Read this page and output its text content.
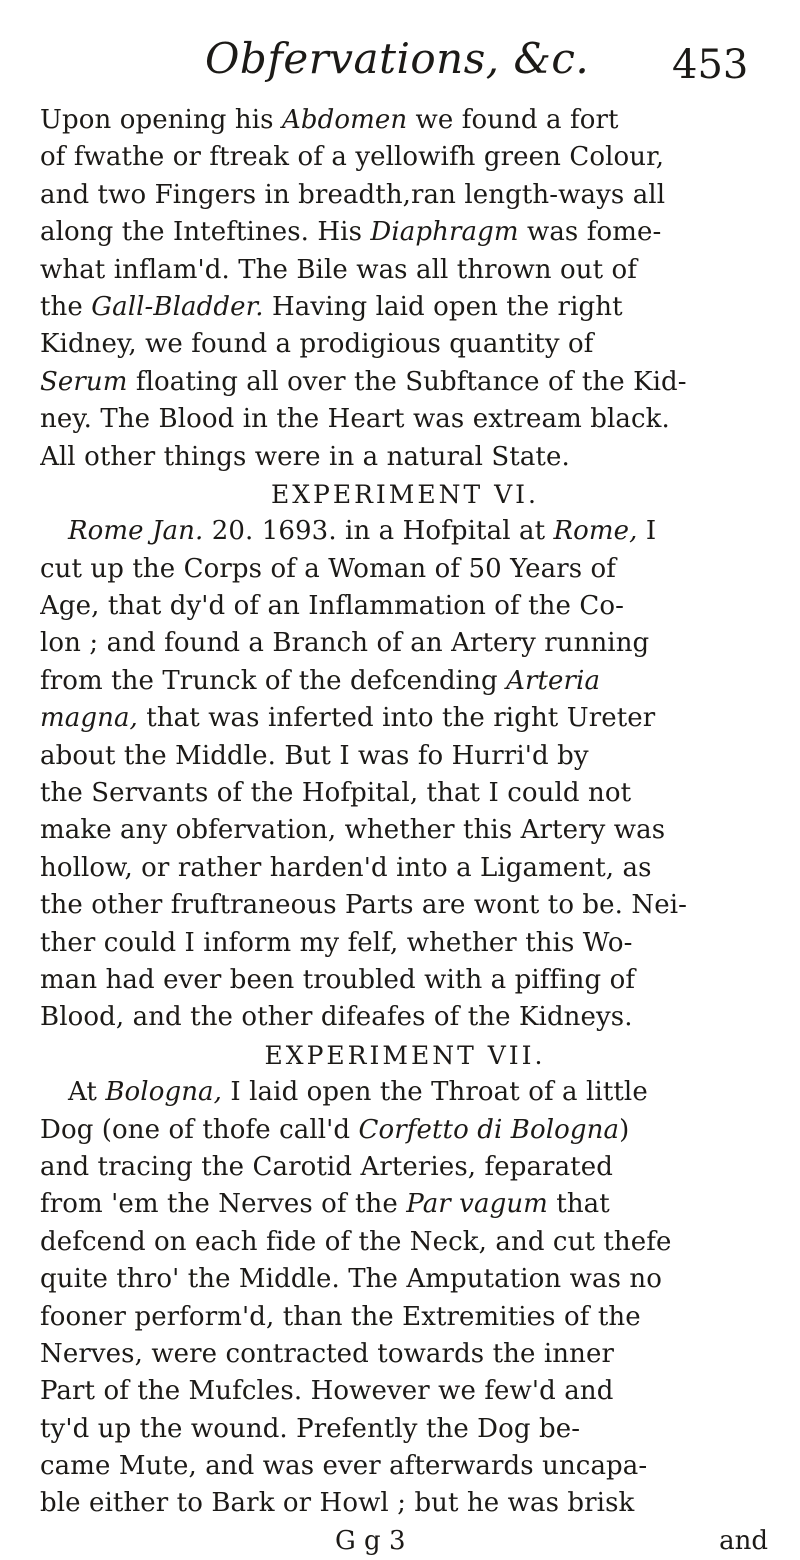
Obfervations, &c. 453
Upon opening his Abdomen we found a fort
of fwathe or ftreak of a yellowifh green Colour,
and two Fingers in breadth,ran length-ways all
along the Inteftines. His Diaphragm was fome-
what inflam'd. The Bile was all thrown out of
the Gall-Bladder. Having laid open the right
Kidney, we found a prodigious quantity of
Serum floating all over the Subftance of the Kid-
ney. The Blood in the Heart was extream black.
All other things were in a natural State.
EXPERIMENT VI.
Rome Jan. 20. 1693. in a Hofpital at Rome, I
cut up the Corps of a Woman of 50 Years of
Age, that dy'd of an Inflammation of the Co-
lon ; and found a Branch of an Artery running
from the Trunck of the defcending Arteria
magna, that was inferted into the right Ureter
about the Middle. But I was fo Hurri'd by
the Servants of the Hofpital, that I could not
make any obfervation, whether this Artery was
hollow, or rather harden'd into a Ligament, as
the other fruftraneous Parts are wont to be. Nei-
ther could I inform my felf, whether this Wo-
man had ever been troubled with a piffing of
Blood, and the other difeafes of the Kidneys.
EXPERIMENT VII.
At Bologna, I laid open the Throat of a little
Dog (one of thofe call'd Corfetto di Bologna)
and tracing the Carotid Arteries, feparated
from 'em the Nerves of the Par vagum that
defcend on each fide of the Neck, and cut thefe
quite thro' the Middle. The Amputation was no
fooner perform'd, than the Extremities of the
Nerves, were contracted towards the inner
Part of the Mufcles. However we few'd and
ty'd up the wound. Prefently the Dog be-
came Mute, and was ever afterwards uncapa-
ble either to Bark or Howl ; but he was brisk
G g 3	and
